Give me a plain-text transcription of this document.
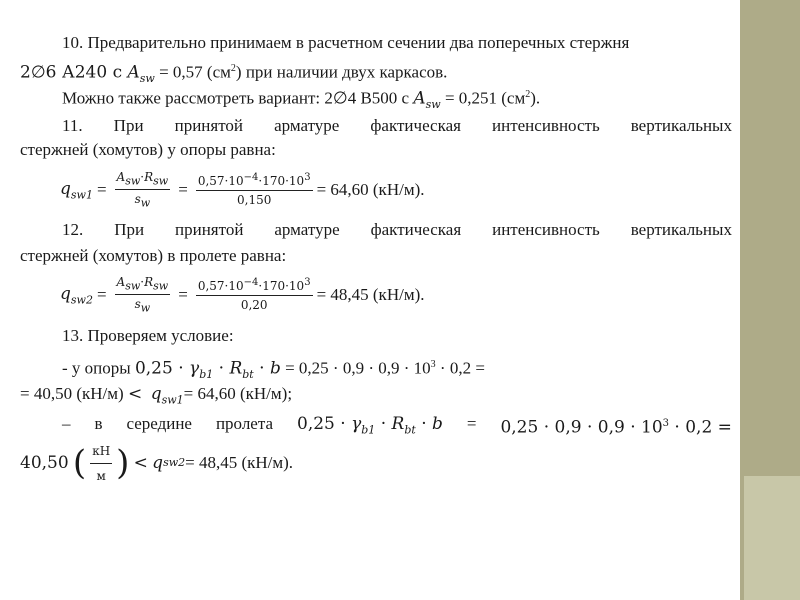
10. Предварительно принимаем в расчетном сечении два поперечных стержня
2∅6 А240 с $A_{sw} = 0,57$ $(см^2)$ при наличии двух каркасов.
Можно также рассмотреть вариант: 2∅4 В500 с $A_{sw} = 0,251$ $(см^2)$.
11. При принятой арматуре фактическая интенсивность вертикальных
стержней (хомутов) у опоры равна:
$q_{sw1} = \frac{A_{sw}\cdot R_{sw}}{s_w} = \frac{0,57\cdot 10^{-4}\cdot 170\cdot 10^3}{0,150} = 64,60$ (кН/м).
12. При принятой арматуре фактическая интенсивность вертикальных
стержней (хомутов) в пролете равна:
$q_{sw2} = \frac{A_{sw}\cdot R_{sw}}{s_w} = \frac{0,57\cdot 10^{-4}\cdot 170\cdot 10^3}{0,20} = 48,45$ (кН/м).
13. Проверяем условие:
- у опоры $0,25 \cdot \gamma_{b1} \cdot R_{bt} \cdot b = 0,25 \cdot 0,9 \cdot 0,9 \cdot 10^3 \cdot 0,2$ =
= 40,50 $(кН/м) < q_{sw1}= 64,60$ (кН/м);
– в середине пролета $0,25 \cdot \gamma_{b1} \cdot R_{bt} \cdot b = 0,25 \cdot 0,9 \cdot 0,9 \cdot 10^3 \cdot 0,2$ =
40,50
( $\frac{кН}{м}$ )
<
q sw2 = 48,45 (кН/м).
